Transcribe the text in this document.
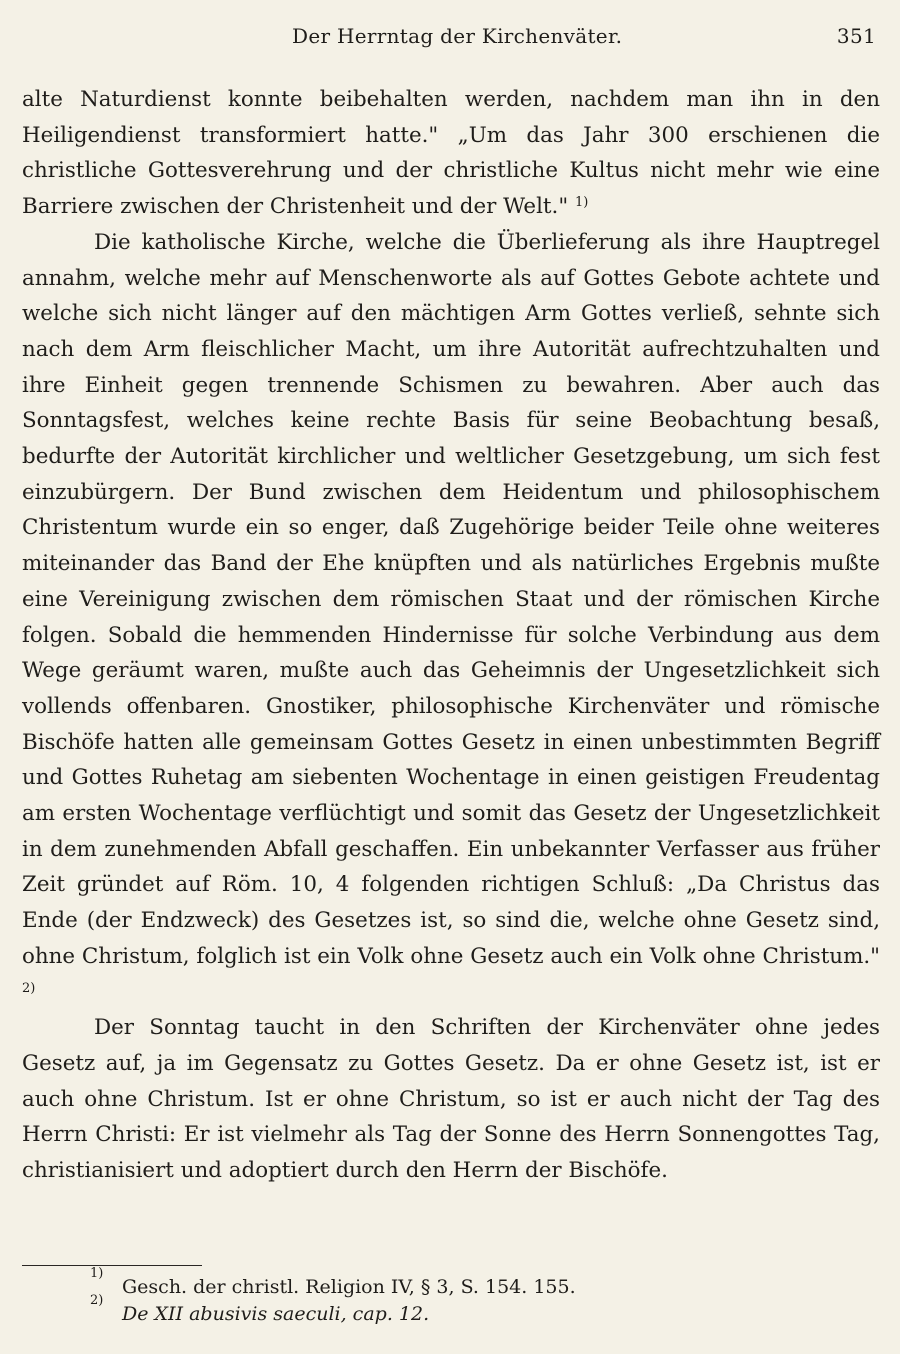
Der Herrntag der Kirchenväter.	351

alte Naturdienst konnte beibehalten werden, nachdem man ihn in den Heiligendienst transformiert hatte." „Um das Jahr 300 erschienen die christliche Gottesverehrung und der christliche Kultus nicht mehr wie eine Barriere zwischen der Christenheit und der Welt." $^{1)}$

Die katholische Kirche, welche die Überlieferung als ihre Hauptregel annahm, welche mehr auf Menschenworte als auf Gottes Gebote achtete und welche sich nicht länger auf den mächtigen Arm Gottes verließ, sehnte sich nach dem Arm fleischlicher Macht, um ihre Autorität aufrechtzuhalten und ihre Einheit gegen trennende Schismen zu bewahren. Aber auch das Sonntagsfest, welches keine rechte Basis für seine Beobachtung besaß, bedurfte der Autorität kirchlicher und weltlicher Gesetzgebung, um sich fest einzubürgern. Der Bund zwischen dem Heidentum und philosophischem Christentum wurde ein so enger, daß Zugehörige beider Teile ohne weiteres miteinander das Band der Ehe knüpften und als natürliches Ergebnis mußte eine Vereinigung zwischen dem römischen Staat und der römischen Kirche folgen. Sobald die hemmenden Hindernisse für solche Verbindung aus dem Wege geräumt waren, mußte auch das Geheimnis der Ungesetzlichkeit sich vollends offenbaren. Gnostiker, philosophische Kirchenväter und römische Bischöfe hatten alle gemeinsam Gottes Gesetz in einen unbestimmten Begriff und Gottes Ruhetag am siebenten Wochentage in einen geistigen Freudentag am ersten Wochentage verflüchtigt und somit das Gesetz der Ungesetzlichkeit in dem zunehmenden Abfall geschaffen. Ein unbekannter Verfasser aus früher Zeit gründet auf Röm. 10, 4 folgenden richtigen Schluß: „Da Christus das Ende (der Endzweck) des Gesetzes ist, so sind die, welche ohne Gesetz sind, ohne Christum, folglich ist ein Volk ohne Gesetz auch ein Volk ohne Christum." $^{2)}$

Der Sonntag taucht in den Schriften der Kirchenväter ohne jedes Gesetz auf, ja im Gegensatz zu Gottes Gesetz. Da er ohne Gesetz ist, ist er auch ohne Christum. Ist er ohne Christum, so ist er auch nicht der Tag des Herrn Christi: Er ist vielmehr als Tag der Sonne des Herrn Sonnengottes Tag, christianisiert und adoptiert durch den Herrn der Bischöfe.

1)
Gesch. der christl. Religion IV, § 3, S. 154. 155.
2)
De XII abusivis saeculi, cap. 12.
